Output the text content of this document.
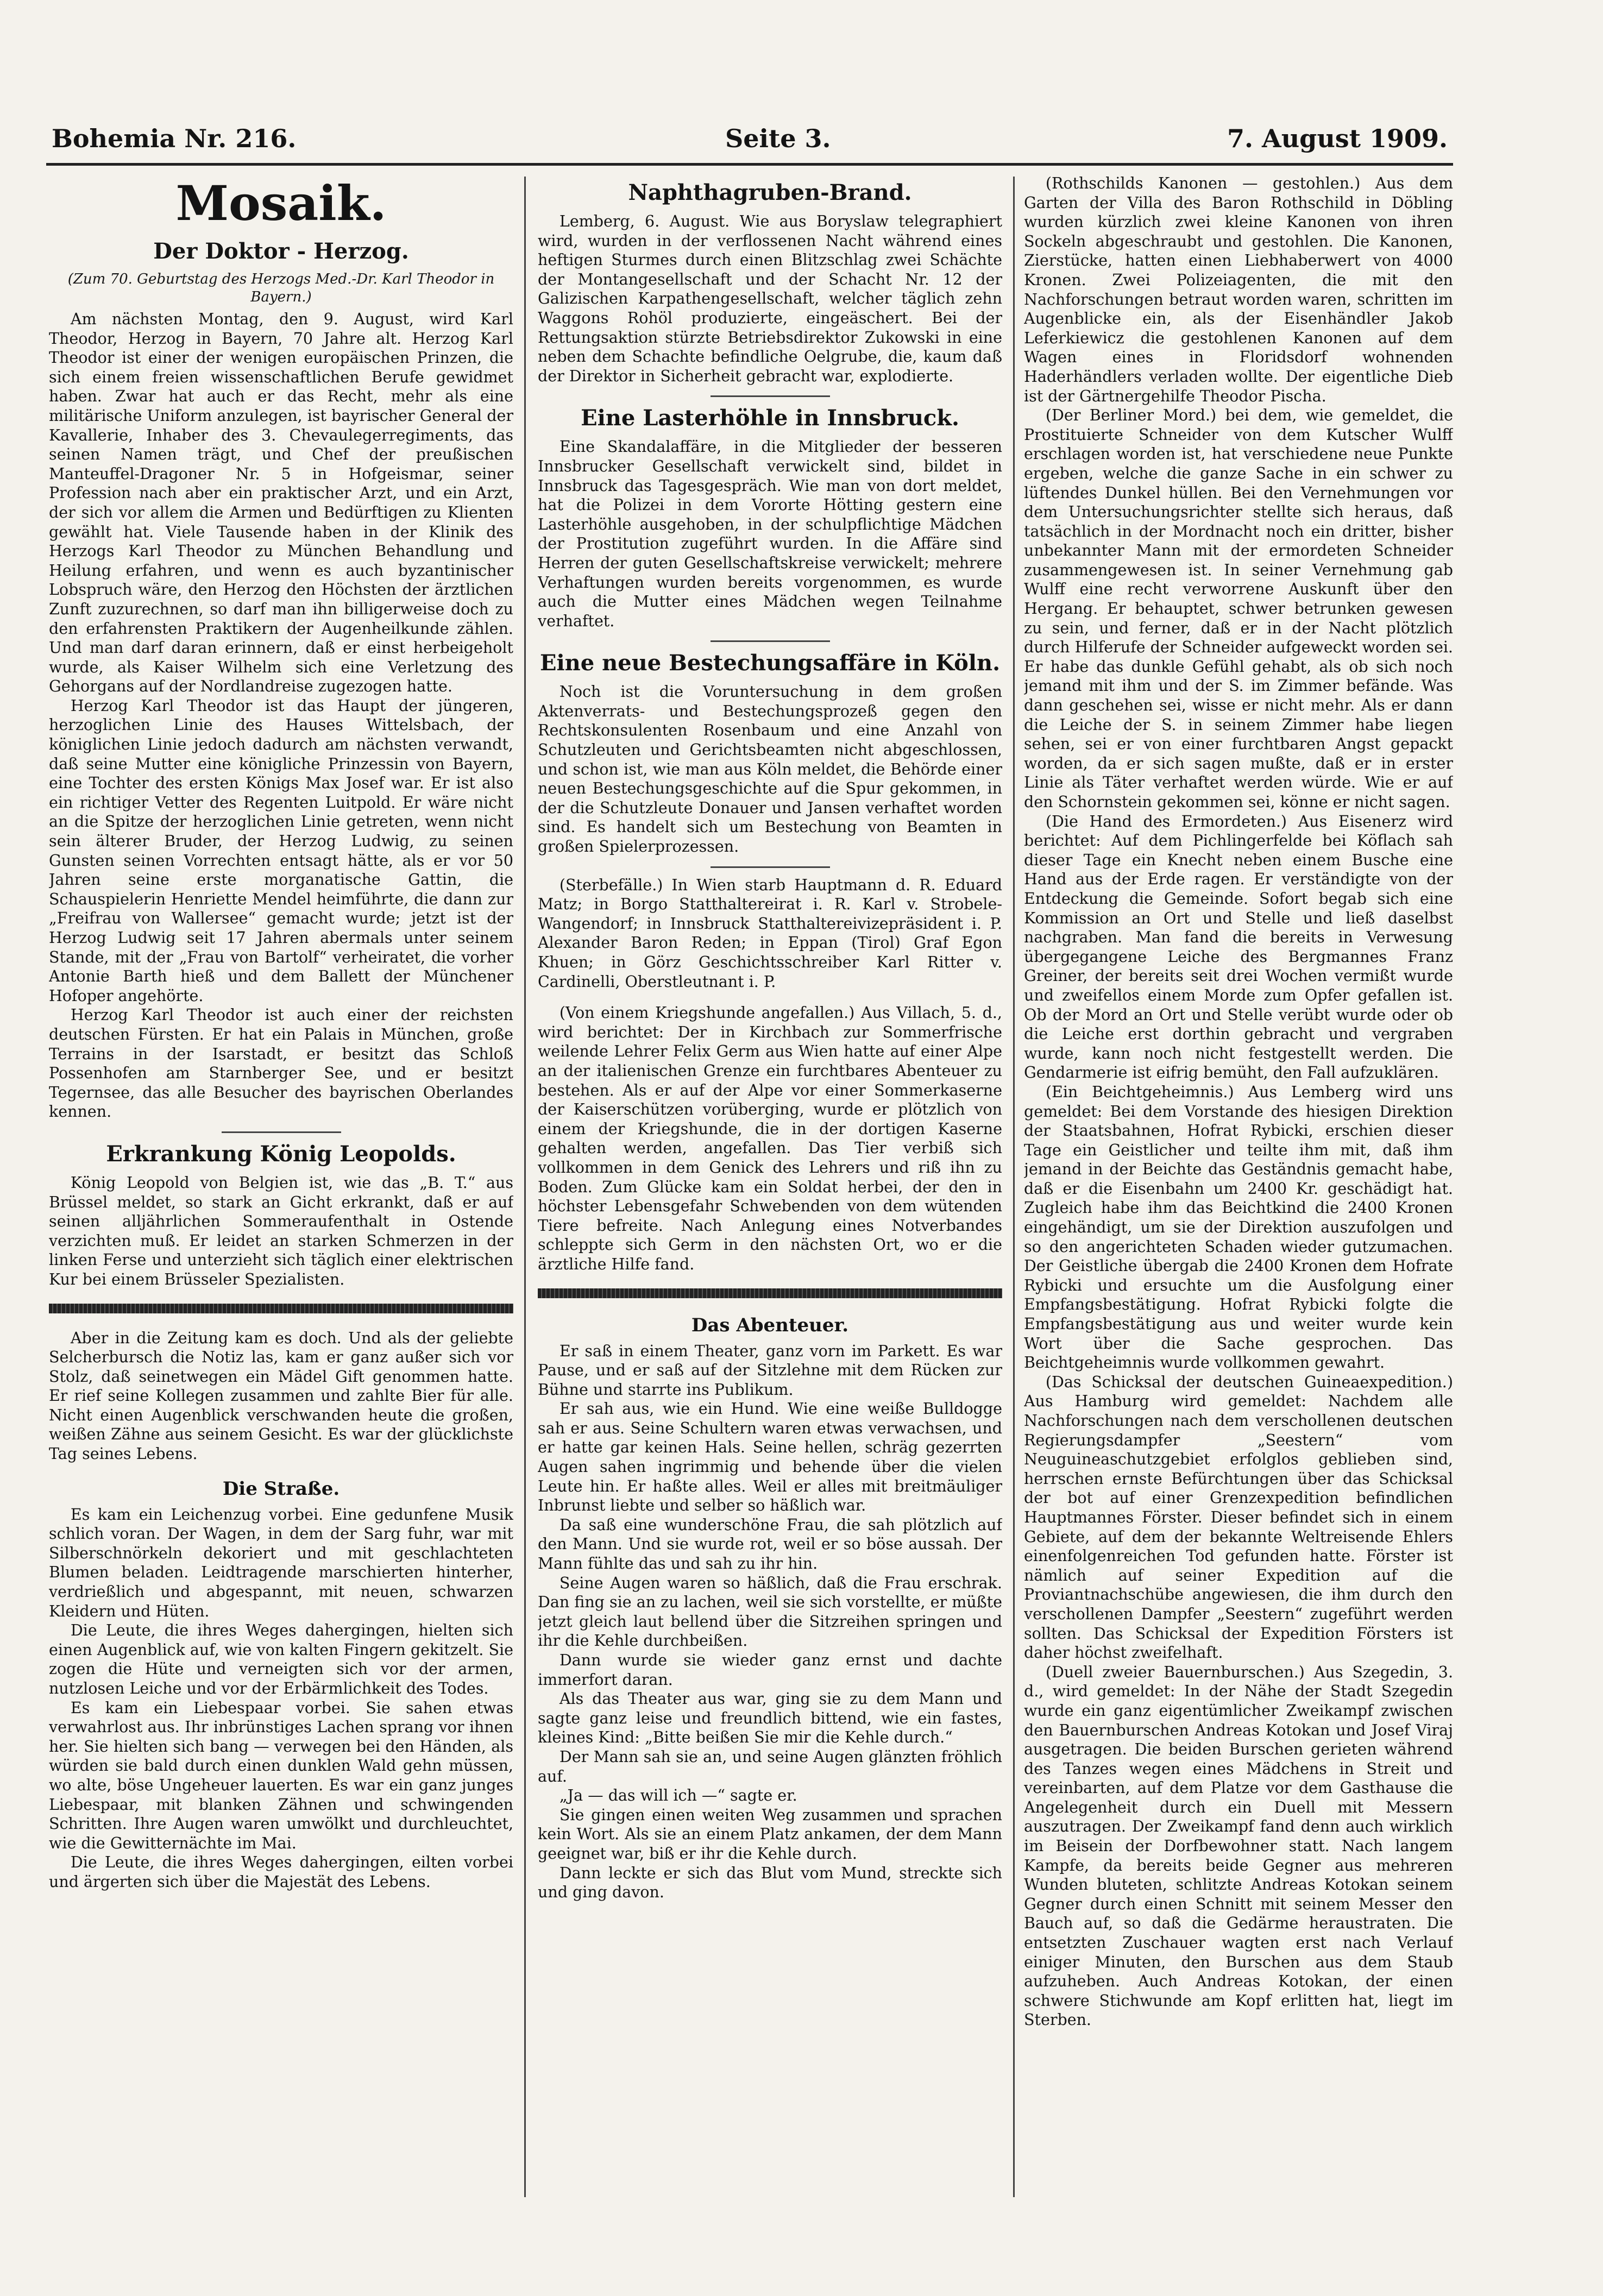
Bohemia Nr. 216.	Seite 3.	7. August 1909.

Mosaik.

Der Doktor - Herzog.

(Zum 70. Geburtstag des Herzogs Med.-Dr. Karl Theodor in Bayern.)

Am nächsten Montag, den 9. August, wird Karl Theodor, Herzog in Bayern, 70 Jahre alt. Herzog Karl Theodor ist einer der wenigen europäischen Prinzen, die sich einem freien wissenschaftlichen Berufe gewidmet haben. Zwar hat auch er das Recht, mehr als eine militärische Uniform anzulegen, ist bayrischer General der Kavallerie, Inhaber des 3. Chevaulegerregiments, das seinen Namen trägt, und Chef der preußischen Manteuffel-Dragoner Nr. 5 in Hofgeismar, seiner Profession nach aber ein praktischer Arzt, und ein Arzt, der sich vor allem die Armen und Bedürftigen zu Klienten gewählt hat. Viele Tausende haben in der Klinik des Herzogs Karl Theodor zu München Behandlung und Heilung erfahren, und wenn es auch byzantinischer Lobspruch wäre, den Herzog den Höchsten der ärztlichen Zunft zuzurechnen, so darf man ihn billigerweise doch zu den erfahrensten Praktikern der Augenheilkunde zählen. Und man darf daran erinnern, daß er einst herbeigeholt wurde, als Kaiser Wilhelm sich eine Verletzung des Gehorgans auf der Nordlandreise zugezogen hatte.

Herzog Karl Theodor ist das Haupt der jüngeren, herzoglichen Linie des Hauses Wittelsbach, der königlichen Linie jedoch dadurch am nächsten verwandt, daß seine Mutter eine königliche Prinzessin von Bayern, eine Tochter des ersten Königs Max Josef war. Er ist also ein richtiger Vetter des Regenten Luitpold. Er wäre nicht an die Spitze der herzoglichen Linie getreten, wenn nicht sein älterer Bruder, der Herzog Ludwig, zu seinen Gunsten seinen Vorrechten entsagt hätte, als er vor 50 Jahren seine erste morganatische Gattin, die Schauspielerin Henriette Mendel heimführte, die dann zur „Freifrau von Wallersee“ gemacht wurde; jetzt ist der Herzog Ludwig seit 17 Jahren abermals unter seinem Stande, mit der „Frau von Bartolf“ verheiratet, die vorher Antonie Barth hieß und dem Ballett der Münchener Hofoper angehörte.

Herzog Karl Theodor ist auch einer der reichsten deutschen Fürsten. Er hat ein Palais in München, große Terrains in der Isarstadt, er besitzt das Schloß Possenhofen am Starnberger See, und er besitzt Tegernsee, das alle Besucher des bayrischen Oberlandes kennen.

Erkrankung König Leopolds.

König Leopold von Belgien ist, wie das „B. T.“ aus Brüssel meldet, so stark an Gicht erkrankt, daß er auf seinen alljährlichen Sommeraufenthalt in Ostende verzichten muß. Er leidet an starken Schmerzen in der linken Ferse und unterzieht sich täglich einer elektrischen Kur bei einem Brüsseler Spezialisten.

Aber in die Zeitung kam es doch. Und als der geliebte Selcherbursch die Notiz las, kam er ganz außer sich vor Stolz, daß seinetwegen ein Mädel Gift genommen hatte. Er rief seine Kollegen zusammen und zahlte Bier für alle. Nicht einen Augenblick verschwanden heute die großen, weißen Zähne aus seinem Gesicht. Es war der glücklichste Tag seines Lebens.

Die Straße.

Es kam ein Leichenzug vorbei. Eine gedunfene Musik schlich voran. Der Wagen, in dem der Sarg fuhr, war mit Silberschnörkeln dekoriert und mit geschlachteten Blumen beladen. Leidtragende marschierten hinterher, verdrießlich und abgespannt, mit neuen, schwarzen Kleidern und Hüten.

Die Leute, die ihres Weges dahergingen, hielten sich einen Augenblick auf, wie von kalten Fingern gekitzelt. Sie zogen die Hüte und verneigten sich vor der armen, nutzlosen Leiche und vor der Erbärmlichkeit des Todes.

Es kam ein Liebespaar vorbei. Sie sahen etwas verwahrlost aus. Ihr inbrünstiges Lachen sprang vor ihnen her. Sie hielten sich bang — verwegen bei den Händen, als würden sie bald durch einen dunklen Wald gehn müssen, wo alte, böse Ungeheuer lauerten. Es war ein ganz junges Liebespaar, mit blanken Zähnen und schwingenden Schritten. Ihre Augen waren umwölkt und durchleuchtet, wie die Gewitternächte im Mai.

Die Leute, die ihres Weges dahergingen, eilten vorbei und ärgerten sich über die Majestät des Lebens.

Naphthagruben-Brand.

Lemberg, 6. August. Wie aus Boryslaw telegraphiert wird, wurden in der verflossenen Nacht während eines heftigen Sturmes durch einen Blitzschlag zwei Schächte der Montangesellschaft und der Schacht Nr. 12 der Galizischen Karpathengesellschaft, welcher täglich zehn Waggons Rohöl produzierte, eingeäschert. Bei der Rettungsaktion stürzte Betriebsdirektor Zukowski in eine neben dem Schachte befindliche Oelgrube, die, kaum daß der Direktor in Sicherheit gebracht war, explodierte.

Eine Lasterhöhle in Innsbruck.

Eine Skandalaffäre, in die Mitglieder der besseren Innsbrucker Gesellschaft verwickelt sind, bildet in Innsbruck das Tagesgespräch. Wie man von dort meldet, hat die Polizei in dem Vororte Hötting gestern eine Lasterhöhle ausgehoben, in der schulpflichtige Mädchen der Prostitution zugeführt wurden. In die Affäre sind Herren der guten Gesellschaftskreise verwickelt; mehrere Verhaftungen wurden bereits vorgenommen, es wurde auch die Mutter eines Mädchen wegen Teilnahme verhaftet.

Eine neue Bestechungsaffäre in Köln.

Noch ist die Voruntersuchung in dem großen Aktenverrats- und Bestechungsprozeß gegen den Rechtskonsulenten Rosenbaum und eine Anzahl von Schutzleuten und Gerichtsbeamten nicht abgeschlossen, und schon ist, wie man aus Köln meldet, die Behörde einer neuen Bestechungsgeschichte auf die Spur gekommen, in der die Schutzleute Donauer und Jansen verhaftet worden sind. Es handelt sich um Bestechung von Beamten in großen Spielerprozessen.

(Sterbefälle.) In Wien starb Hauptmann d. R. Eduard Matz; in Borgo Statthaltereirat i. R. Karl v. Strobele-Wangendorf; in Innsbruck Statthaltereivizepräsident i. P. Alexander Baron Reden; in Eppan (Tirol) Graf Egon Khuen; in Görz Geschichtsschreiber Karl Ritter v. Cardinelli, Oberstleutnant i. P.

(Von einem Kriegshunde angefallen.) Aus Villach, 5. d., wird berichtet: Der in Kirchbach zur Sommerfrische weilende Lehrer Felix Germ aus Wien hatte auf einer Alpe an der italienischen Grenze ein furchtbares Abenteuer zu bestehen. Als er auf der Alpe vor einer Sommerkaserne der Kaiserschützen vorüberging, wurde er plötzlich von einem der Kriegshunde, die in der dortigen Kaserne gehalten werden, angefallen. Das Tier verbiß sich vollkommen in dem Genick des Lehrers und riß ihn zu Boden. Zum Glücke kam ein Soldat herbei, der den in höchster Lebensgefahr Schwebenden von dem wütenden Tiere befreite. Nach Anlegung eines Notverbandes schleppte sich Germ in den nächsten Ort, wo er die ärztliche Hilfe fand.

Das Abenteuer.

Er saß in einem Theater, ganz vorn im Parkett. Es war Pause, und er saß auf der Sitzlehne mit dem Rücken zur Bühne und starrte ins Publikum.

Er sah aus, wie ein Hund. Wie eine weiße Bulldogge sah er aus. Seine Schultern waren etwas verwachsen, und er hatte gar keinen Hals. Seine hellen, schräg gezerrten Augen sahen ingrimmig und behende über die vielen Leute hin. Er haßte alles. Weil er alles mit breitmäuliger Inbrunst liebte und selber so häßlich war.

Da saß eine wunderschöne Frau, die sah plötzlich auf den Mann. Und sie wurde rot, weil er so böse aussah. Der Mann fühlte das und sah zu ihr hin.

Seine Augen waren so häßlich, daß die Frau erschrak. Dan fing sie an zu lachen, weil sie sich vorstellte, er müßte jetzt gleich laut bellend über die Sitzreihen springen und ihr die Kehle durchbeißen.

Dann wurde sie wieder ganz ernst und dachte immerfort daran.

Als das Theater aus war, ging sie zu dem Mann und sagte ganz leise und freundlich bittend, wie ein fastes, kleines Kind: „Bitte beißen Sie mir die Kehle durch.“

Der Mann sah sie an, und seine Augen glänzten fröhlich auf.

„Ja — das will ich —“ sagte er.

Sie gingen einen weiten Weg zusammen und sprachen kein Wort. Als sie an einem Platz ankamen, der dem Mann geeignet war, biß er ihr die Kehle durch.

Dann leckte er sich das Blut vom Mund, streckte sich und ging davon.

(Rothschilds Kanonen — gestohlen.) Aus dem Garten der Villa des Baron Rothschild in Döbling wurden kürzlich zwei kleine Kanonen von ihren Sockeln abgeschraubt und gestohlen. Die Kanonen, Zierstücke, hatten einen Liebhaberwert von 4000 Kronen. Zwei Polizeiagenten, die mit den Nachforschungen betraut worden waren, schritten im Augenblicke ein, als der Eisenhändler Jakob Leferkiewicz die gestohlenen Kanonen auf dem Wagen eines in Floridsdorf wohnenden Haderhändlers verladen wollte. Der eigentliche Dieb ist der Gärtnergehilfe Theodor Pischa.

(Der Berliner Mord.) bei dem, wie gemeldet, die Prostituierte Schneider von dem Kutscher Wulff erschlagen worden ist, hat verschiedene neue Punkte ergeben, welche die ganze Sache in ein schwer zu lüftendes Dunkel hüllen. Bei den Vernehmungen vor dem Untersuchungsrichter stellte sich heraus, daß tatsächlich in der Mordnacht noch ein dritter, bisher unbekannter Mann mit der ermordeten Schneider zusammengewesen ist. In seiner Vernehmung gab Wulff eine recht verworrene Auskunft über den Hergang. Er behauptet, schwer betrunken gewesen zu sein, und ferner, daß er in der Nacht plötzlich durch Hilferufe der Schneider aufgeweckt worden sei. Er habe das dunkle Gefühl gehabt, als ob sich noch jemand mit ihm und der S. im Zimmer befände. Was dann geschehen sei, wisse er nicht mehr. Als er dann die Leiche der S. in seinem Zimmer habe liegen sehen, sei er von einer furchtbaren Angst gepackt worden, da er sich sagen mußte, daß er in erster Linie als Täter verhaftet werden würde. Wie er auf den Schornstein gekommen sei, könne er nicht sagen.

(Die Hand des Ermordeten.) Aus Eisenerz wird berichtet: Auf dem Pichlingerfelde bei Köflach sah dieser Tage ein Knecht neben einem Busche eine Hand aus der Erde ragen. Er verständigte von der Entdeckung die Gemeinde. Sofort begab sich eine Kommission an Ort und Stelle und ließ daselbst nachgraben. Man fand die bereits in Verwesung übergegangene Leiche des Bergmannes Franz Greiner, der bereits seit drei Wochen vermißt wurde und zweifellos einem Morde zum Opfer gefallen ist. Ob der Mord an Ort und Stelle verübt wurde oder ob die Leiche erst dorthin gebracht und vergraben wurde, kann noch nicht festgestellt werden. Die Gendarmerie ist eifrig bemüht, den Fall aufzuklären.

(Ein Beichtgeheimnis.) Aus Lemberg wird uns gemeldet: Bei dem Vorstande des hiesigen Direktion der Staatsbahnen, Hofrat Rybicki, erschien dieser Tage ein Geistlicher und teilte ihm mit, daß ihm jemand in der Beichte das Geständnis gemacht habe, daß er die Eisenbahn um 2400 Kr. geschädigt hat. Zugleich habe ihm das Beichtkind die 2400 Kronen eingehändigt, um sie der Direktion auszufolgen und so den angerichteten Schaden wieder gutzumachen. Der Geistliche übergab die 2400 Kronen dem Hofrate Rybicki und ersuchte um die Ausfolgung einer Empfangsbestätigung. Hofrat Rybicki folgte die Empfangsbestätigung aus und weiter wurde kein Wort über die Sache gesprochen. Das Beichtgeheimnis wurde vollkommen gewahrt.

(Das Schicksal der deutschen Guineaexpedition.) Aus Hamburg wird gemeldet: Nachdem alle Nachforschungen nach dem verschollenen deutschen Regierungsdampfer „Seestern“ vom Neuguineaschutzgebiet erfolglos geblieben sind, herrschen ernste Befürchtungen über das Schicksal der bot auf einer Grenzexpedition befindlichen Hauptmannes Förster. Dieser befindet sich in einem Gebiete, auf dem der bekannte Weltreisende Ehlers einenfolgenreichen Tod gefunden hatte. Förster ist nämlich auf seiner Expedition auf die Proviantnachschübe angewiesen, die ihm durch den verschollenen Dampfer „Seestern“ zugeführt werden sollten. Das Schicksal der Expedition Försters ist daher höchst zweifelhaft.

(Duell zweier Bauernburschen.) Aus Szegedin, 3. d., wird gemeldet: In der Nähe der Stadt Szegedin wurde ein ganz eigentümlicher Zweikampf zwischen den Bauernburschen Andreas Kotokan und Josef Viraj ausgetragen. Die beiden Burschen gerieten während des Tanzes wegen eines Mädchens in Streit und vereinbarten, auf dem Platze vor dem Gasthause die Angelegenheit durch ein Duell mit Messern auszutragen. Der Zweikampf fand denn auch wirklich im Beisein der Dorfbewohner statt. Nach langem Kampfe, da bereits beide Gegner aus mehreren Wunden bluteten, schlitzte Andreas Kotokan seinem Gegner durch einen Schnitt mit seinem Messer den Bauch auf, so daß die Gedärme heraustraten. Die entsetzten Zuschauer wagten erst nach Verlauf einiger Minuten, den Burschen aus dem Staub aufzuheben. Auch Andreas Kotokan, der einen schwere Stichwunde am Kopf erlitten hat, liegt im Sterben.
